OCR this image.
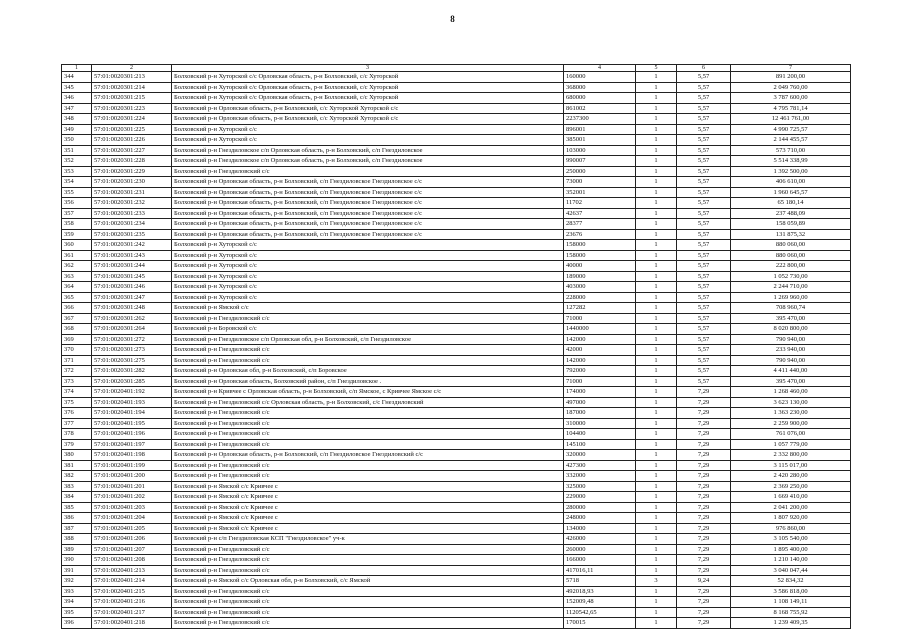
8
1	2	3	4	5	6	7
344	57:01:0020301:213	Болховский р-н Хуторской с/с Орловская область, р-н Болховский, с/с Хуторской	160000	1	5,57	891 200,00
345	57:01:0020301:214	Болховский р-н Хуторской с/с Орловская область, р-н Болховский, с/с Хуторской	368000	1	5,57	2 049 760,00
346	57:01:0020301:215	Болховский р-н Хуторской с/с Орловская область, р-н Болховский, с/с Хуторской	680000	1	5,57	3 787 600,00
347	57:01:0020301:223	Болховский р-н Орловская область, р-н Болховский, с/с Хуторской Хуторской с/с	861002	1	5,57	4 795 781,14
348	57:01:0020301:224	Болховский р-н Орловская область, р-н Болховский, с/с Хуторской Хуторской с/с	2237300	1	5,57	12 461 761,00
349	57:01:0020301:225	Болховский р-н Хуторской с/с	896001	1	5,57	4 990 725,57
350	57:01:0020301:226	Болховский р-н Хуторской с/с	385001	1	5,57	2 144 455,57
351	57:01:0020301:227	Болховский р-н Гнездиловское с/п Орловская область, р-н Болховский, с/п Гнездиловское	103000	1	5,57	573 710,00
352	57:01:0020301:228	Болховский р-н Гнездиловское с/п Орловская область, р-н Болховский, с/п Гнездиловское	990007	1	5,57	5 514 338,99
353	57:01:0020301:229	Болховский р-н Гнездиловский с/с	250000	1	5,57	1 392 500,00
354	57:01:0020301:230	Болховский р-н Орловская область, р-н Болховский, с/п Гнездиловское Гнездиловское с/с	73000	1	5,57	406 610,00
355	57:01:0020301:231	Болховский р-н Орловская область, р-н Болховский, с/п Гнездиловское Гнездиловское с/с	352001	1	5,57	1 960 645,57
356	57:01:0020301:232	Болховский р-н Орловская область, р-н Болховский, с/п Гнездиловское Гнездиловское с/с	11702	1	5,57	65 180,14
357	57:01:0020301:233	Болховский р-н Орловская область, р-н Болховский, с/п Гнездиловское Гнездиловское с/с	42637	1	5,57	237 488,09
358	57:01:0020301:234	Болховский р-н Орловская область, р-н Болховский, с/п Гнездиловское Гнездиловское с/с	28377	1	5,57	158 059,89
359	57:01:0020301:235	Болховский р-н Орловская область, р-н Болховский, с/п Гнездиловское Гнездиловское с/с	23676	1	5,57	131 875,32
360	57:01:0020301:242	Болховский р-н Хуторской с/с	158000	1	5,57	880 060,00
361	57:01:0020301:243	Болховский р-н Хуторской с/с	158000	1	5,57	880 060,00
362	57:01:0020301:244	Болховский р-н Хуторской с/с	40000	1	5,57	222 800,00
363	57:01:0020301:245	Болховский р-н Хуторской с/с	189000	1	5,57	1 052 730,00
364	57:01:0020301:246	Болховский р-н Хуторской с/с	403000	1	5,57	2 244 710,00
365	57:01:0020301:247	Болховский р-н Хуторской с/с	228000	1	5,57	1 269 960,00
366	57:01:0020301:248	Болховский р-н Ямской с/с	127282	1	5,57	708 960,74
367	57:01:0020301:262	Болховский р-н Гнездиловский с/с	71000	1	5,57	395 470,00
368	57:01:0020301:264	Болховский р-н Боровской с/с	1440000	1	5,57	8 020 800,00
369	57:01:0020301:272	Болховский р-н Гнездиловское с/п Орловская обл, р-н Болховский, с/п Гнездиловское	142000	1	5,57	790 940,00
370	57:01:0020301:273	Болховский р-н Гнездиловский с/с	42000	1	5,57	233 940,00
371	57:01:0020301:275	Болховский р-н Гнездиловский с/с	142000	1	5,57	790 940,00
372	57:01:0020301:282	Болховский р-н Орловская обл, р-н Болховский, с/п Боровское	792000	1	5,57	4 411 440,00
373	57:01:0020301:285	Болховский р-н Орловская область, Болховский район, с/п Гнездиловское .	71000	1	5,57	395 470,00
374	57:01:0020401:192	Болховский р-н Кривчее с Орловская область, р-н Болховский, с/п Ямское, с Кривчее Ямское с/с	174000	1	7,29	1 268 460,00
375	57:01:0020401:193	Болховский р-н Гнездиловский с/с Орловская область, р-н Болховский, с/с Гнездиловский	497000	1	7,29	3 623 130,00
376	57:01:0020401:194	Болховский р-н Гнездиловский с/с	187000	1	7,29	1 363 230,00
377	57:01:0020401:195	Болховский р-н Гнездиловский с/с	310000	1	7,29	2 259 900,00
378	57:01:0020401:196	Болховский р-н Гнездиловский с/с	104400	1	7,29	761 076,00
379	57:01:0020401:197	Болховский р-н Гнездиловский с/с	145100	1	7,29	1 057 779,00
380	57:01:0020401:198	Болховский р-н Орловская область, р-н Болховский, с/п Гнездиловское Гнездиловский с/с	320000	1	7,29	2 332 800,00
381	57:01:0020401:199	Болховский р-н Гнездиловский с/с	427300	1	7,29	3 115 017,00
382	57:01:0020401:200	Болховский р-н Гнездиловский с/с	332000	1	7,29	2 420 280,00
383	57:01:0020401:201	Болховский р-н Ямской с/с Кривчее с	325000	1	7,29	2 369 250,00
384	57:01:0020401:202	Болховский р-н Ямской с/с Кривчее с	229000	1	7,29	1 669 410,00
385	57:01:0020401:203	Болховский р-н Ямской с/с Кривчее с	280000	1	7,29	2 041 200,00
386	57:01:0020401:204	Болховский р-н Ямской с/с Кривчее с	248000	1	7,29	1 807 920,00
387	57:01:0020401:205	Болховский р-н Ямской с/с Кривчее с	134000	1	7,29	976 860,00
388	57:01:0020401:206	Болховский р-н с/п Гнездиловская КСП "Гнездиловское" уч-к	426000	1	7,29	3 105 540,00
389	57:01:0020401:207	Болховский р-н Гнездиловский с/с	260000	1	7,29	1 895 400,00
390	57:01:0020401:208	Болховский р-н Гнездиловский с/с	166000	1	7,29	1 210 140,00
391	57:01:0020401:213	Болховский р-н Гнездиловский с/с	417016,11	1	7,29	3 040 047,44
392	57:01:0020401:214	Болховский р-н Ямской с/с Орловская обл, р-н Болховский, с/с Ямской	5718	3	9,24	52 834,32
393	57:01:0020401:215	Болховский р-н Гнездиловский с/с	492018,93	1	7,29	3 586 818,00
394	57:01:0020401:216	Болховский р-н Гнездиловский с/с	152009,48	1	7,29	1 108 149,11
395	57:01:0020401:217	Болховский р-н Гнездиловский с/с	1120542,65	1	7,29	8 168 755,92
396	57:01:0020401:218	Болховский р-н Гнездиловский с/с	170015	1	7,29	1 239 409,35
